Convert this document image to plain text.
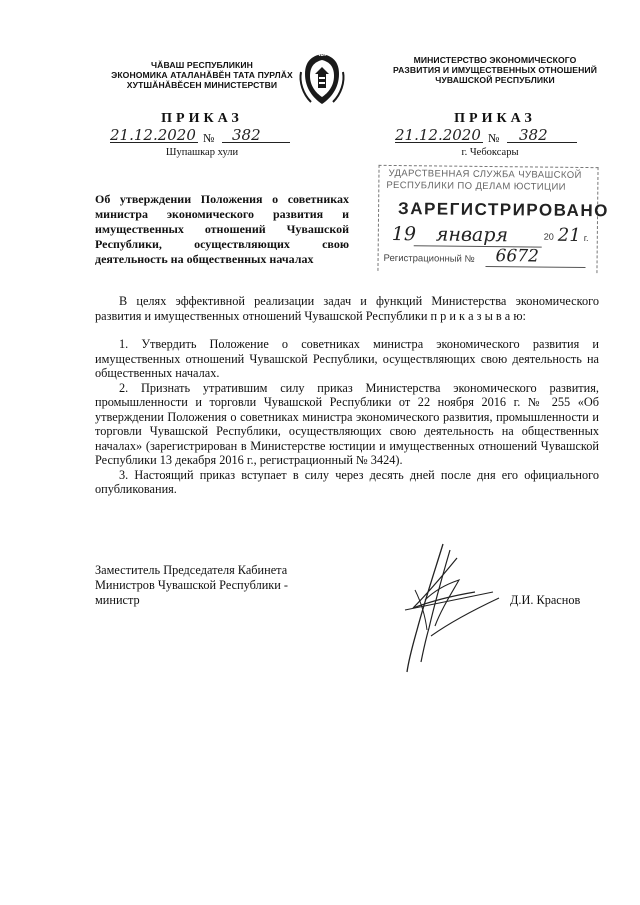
ЧĂВАШ РЕСПУБЛИКИН
ЭКОНОМИКА АТАЛАНĂВĔН ТАТА ПУРЛĂХ
ХУТШĂНĂВĔСЕН МИНИСТЕРСТВИ
ЧВР	МИНИСТЕРСТВО ЭКОНОМИЧЕСКОГО
РАЗВИТИЯ И ИМУЩЕСТВЕННЫХ ОТНОШЕНИЙ
ЧУВАШСКОЙ РЕСПУБЛИКИ
ПРИКАЗ
21.12.2020 № 382
Шупашкар хули
ПРИКАЗ
21.12.2020 № 382
г. Чебоксары
Об утверждении Положения о советниках министра экономического развития и имущественных отношений Чувашской Республики, осуществляющих свою деятельность на общественных началах
УДАРСТВЕННАЯ СЛУЖБА ЧУВАШСКОЙ
РЕСПУБЛИКИ ПО ДЕЛАМ ЮСТИЦИИ
ЗАРЕГИСТРИРОВАНО
19 января	20 21 г.
Регистрационный № 6672

В целях эффективной реализации задач и функций Министерства экономического развития и имущественных отношений Чувашской Республики п р и к а з ы в а ю:

1. Утвердить Положение о советниках министра экономического развития и имущественных отношений Чувашской Республики, осуществляющих свою деятельность на общественных началах.

2. Признать утратившим силу приказ Министерства экономического развития, промышленности и торговли Чувашской Республики от 22 ноября 2016 г. № 255 «Об утверждении Положения о советниках министра экономического развития, промышленности и торговли Чувашской Республики, осуществляющих свою деятельность на общественных началах» (зарегистрирован в Министерстве юстиции и имущественных отношений Чувашской Республики 13 декабря 2016 г., регистрационный № 3424).

3. Настоящий приказ вступает в силу через десять дней после дня его официального опубликования.

Заместитель Председателя Кабинета
Министров Чувашской Республики -
министр	Д.И. Краснов
